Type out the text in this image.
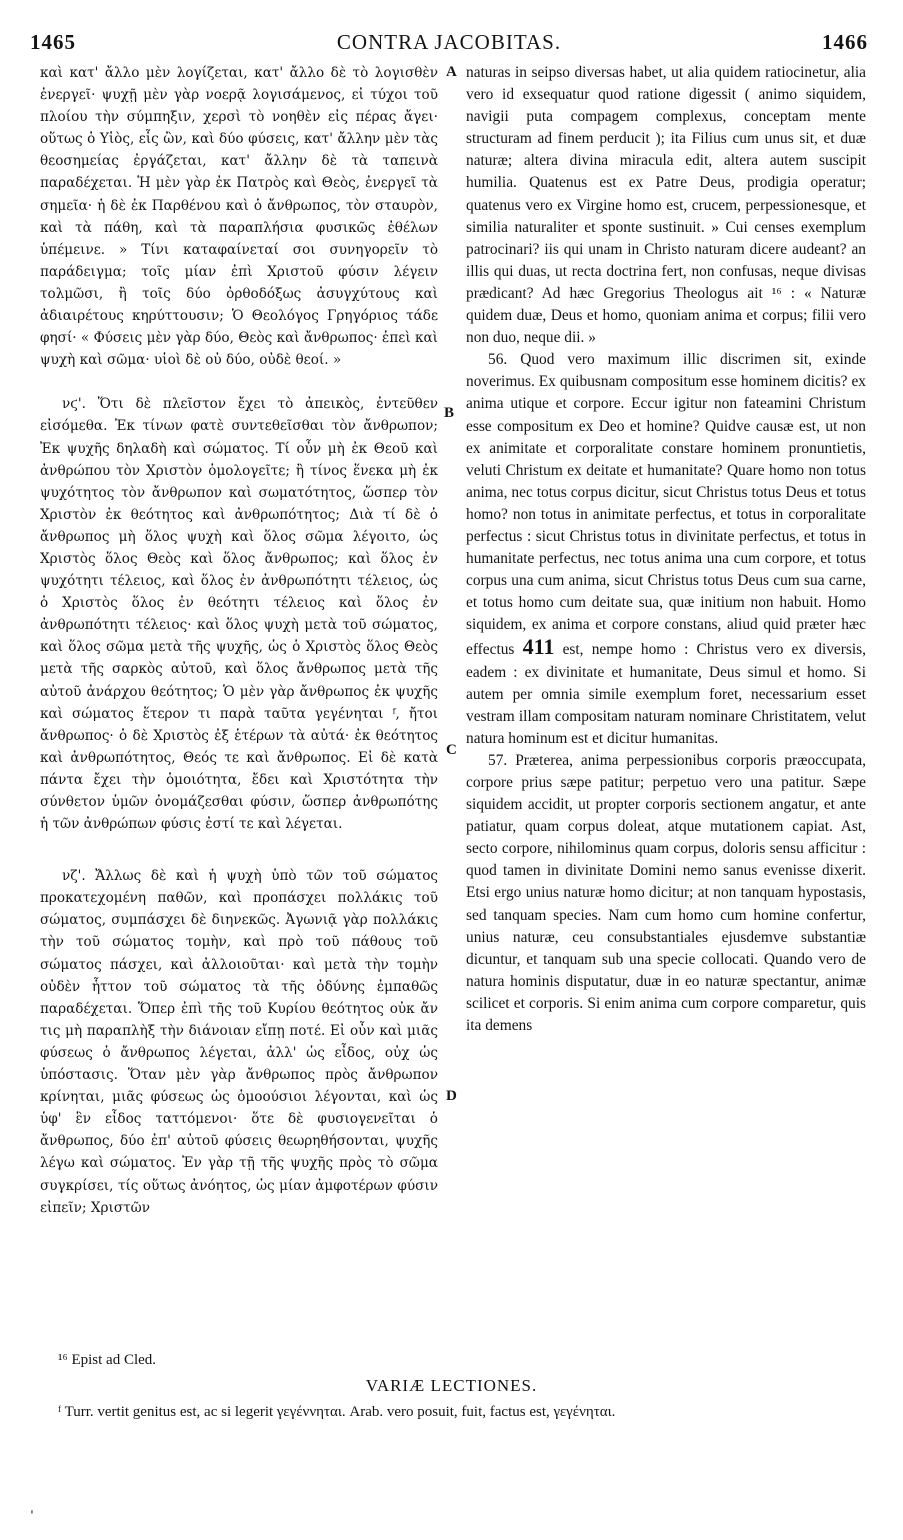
1465	CONTRA JACOBITAS.	1466

καὶ κατ' ἄλλο μὲν λογίζεται, κατ' ἄλλο δὲ τὸ λογισθὲν ἐνεργεῖ· ψυχῇ μὲν γὰρ νοερᾷ λογισάμενος, εἰ τύχοι τοῦ πλοίου τὴν σύμπηξιν, χερσὶ τὸ νοηθὲν εἰς πέρας ἄγει· οὕτως ὁ Υἱὸς, εἷς ὢν, καὶ δύο φύσεις, κατ' ἄλλην μὲν τὰς θεοσημείας ἐργάζεται, κατ' ἄλλην δὲ τὰ ταπεινὰ παραδέχεται. Ἡ μὲν γὰρ ἐκ Πατρὸς καὶ Θεὸς, ἐνεργεῖ τὰ σημεῖα· ἡ δὲ ἐκ Παρθένου καὶ ὁ ἄνθρωπος, τὸν σταυρὸν, καὶ τὰ πάθη, καὶ τὰ παραπλήσια φυσικῶς ἐθέλων ὑπέμεινε. » Τίνι καταφαίνεταί σοι συνηγορεῖν τὸ παράδειγμα; τοῖς μίαν ἐπὶ Χριστοῦ φύσιν λέγειν τολμῶσι, ἢ τοῖς δύο ὀρθοδόξως ἀσυγχύτους καὶ ἀδιαιρέτους κηρύττουσιν; Ὁ Θεολόγος Γρηγόριος τάδε φησί· « Φύσεις μὲν γὰρ δύο, Θεὸς καὶ ἄνθρωπος· ἐπεὶ καὶ ψυχὴ καὶ σῶμα· υἱοὶ δὲ οὐ δύο, οὐδὲ θεοί. »

νϛ'. Ὅτι δὲ πλεῖστον ἔχει τὸ ἀπεικὸς, ἐντεῦθεν εἰσόμεθα. Ἐκ τίνων φατὲ συντεθεῖσθαι τὸν ἄνθρωπον; Ἐκ ψυχῆς δηλαδὴ καὶ σώματος. Τί οὖν μὴ ἐκ Θεοῦ καὶ ἀνθρώπου τὸν Χριστὸν ὁμολογεῖτε; ἢ τίνος ἕνεκα μὴ ἐκ ψυχότητος τὸν ἄνθρωπον καὶ σωματότητος, ὥσπερ τὸν Χριστὸν ἐκ θεότητος καὶ ἀνθρωπότητος; Διὰ τί δὲ ὁ ἄνθρωπος μὴ ὅλος ψυχὴ καὶ ὅλος σῶμα λέγοιτο, ὡς Χριστὸς ὅλος Θεὸς καὶ ὅλος ἄνθρωπος; καὶ ὅλος ἐν ψυχότητι τέλειος, καὶ ὅλος ἐν ἀνθρωπότητι τέλειος, ὡς ὁ Χριστὸς ὅλος ἐν θεότητι τέλειος καὶ ὅλος ἐν ἀνθρωπότητι τέλειος· καὶ ὅλος ψυχὴ μετὰ τοῦ σώματος, καὶ ὅλος σῶμα μετὰ τῆς ψυχῆς, ὡς ὁ Χριστὸς ὅλος Θεὸς μετὰ τῆς σαρκὸς αὐτοῦ, καὶ ὅλος ἄνθρωπος μετὰ τῆς αὐτοῦ ἀνάρχου θεότητος; Ὁ μὲν γὰρ ἄνθρωπος ἐκ ψυχῆς καὶ σώματος ἕτερον τι παρὰ ταῦτα γεγένηται ᶠ, ἤτοι ἄνθρωπος· ὁ δὲ Χριστὸς ἐξ ἑτέρων τὰ αὐτά· ἐκ θεότητος καὶ ἀνθρωπότητος, Θεός τε καὶ ἄνθρωπος. Εἰ δὲ κατὰ πάντα ἔχει τὴν ὁμοιότητα, ἔδει καὶ Χριστότητα τὴν σύνθετον ὑμῶν ὀνομάζεσθαι φύσιν, ὥσπερ ἀνθρωπότης ἡ τῶν ἀνθρώπων φύσις ἐστί τε καὶ λέγεται.

νζ'. Ἄλλως δὲ καὶ ἡ ψυχὴ ὑπὸ τῶν τοῦ σώματος προκατεχομένη παθῶν, καὶ προπάσχει πολλάκις τοῦ σώματος, συμπάσχει δὲ διηνεκῶς. Ἀγωνιᾷ γὰρ πολλάκις τὴν τοῦ σώματος τομὴν, καὶ πρὸ τοῦ πάθους τοῦ σώματος πάσχει, καὶ ἀλλοιοῦται· καὶ μετὰ τὴν τομὴν οὐδὲν ἧττον τοῦ σώματος τὰ τῆς ὀδύνης ἐμπαθῶς παραδέχεται. Ὅπερ ἐπὶ τῆς τοῦ Κυρίου θεότητος οὐκ ἄν τις μὴ παραπλὴξ τὴν διάνοιαν εἴπῃ ποτέ. Εἰ οὖν καὶ μιᾶς φύσεως ὁ ἄνθρωπος λέγεται, ἀλλ' ὡς εἶδος, οὐχ ὡς ὑπόστασις. Ὅταν μὲν γὰρ ἄνθρωπος πρὸς ἄνθρωπον κρίνηται, μιᾶς φύσεως ὡς ὁμοούσιοι λέγονται, καὶ ὡς ὑφ' ἓν εἶδος ταττόμενοι· ὅτε δὲ φυσιογενεῖται ὁ ἄνθρωπος, δύο ἐπ' αὐτοῦ φύσεις θεωρηθήσονται, ψυχῆς λέγω καὶ σώματος. Ἐν γὰρ τῇ τῆς ψυχῆς πρὸς τὸ σῶμα συγκρίσει, τίς οὕτως ἀνόητος, ὡς μίαν ἀμφοτέρων φύσιν εἰπεῖν; Χριστῶν

A
B
C
D

naturas in seipso diversas habet, ut alia quidem ratiocinetur, alia vero id exsequatur quod ratione digessit ( animo siquidem, navigii puta compagem complexus, conceptam mente structuram ad finem perducit ); ita Filius cum unus sit, et duæ naturæ; altera divina miracula edit, altera autem suscipit humilia. Quatenus est ex Patre Deus, prodigia operatur; quatenus vero ex Virgine homo est, crucem, perpessionesque, et similia naturaliter et sponte sustinuit. » Cui censes exemplum patrocinari? iis qui unam in Christo naturam dicere audeant? an illis qui duas, ut recta doctrina fert, non confusas, neque divisas prædicant? Ad hæc Gregorius Theologus ait ¹⁶ : « Naturæ quidem duæ, Deus et homo, quoniam anima et corpus; filii vero non duo, neque dii. »

56. Quod vero maximum illic discrimen sit, exinde noverimus. Ex quibusnam compositum esse hominem dicitis? ex anima utique et corpore. Eccur igitur non fateamini Christum esse compositum ex Deo et homine? Quidve causæ est, ut non ex animitate et corporalitate constare hominem pronuntietis, veluti Christum ex deitate et humanitate? Quare homo non totus anima, nec totus corpus dicitur, sicut Christus totus Deus et totus homo? non totus in animitate perfectus, et totus in corporalitate perfectus : sicut Christus totus in divinitate perfectus, et totus in humanitate perfectus, nec totus anima una cum corpore, et totus corpus una cum anima, sicut Christus totus Deus cum sua carne, et totus homo cum deitate sua, quæ initium non habuit. Homo siquidem, ex anima et corpore constans, aliud quid præter hæc effectus 411 est, nempe homo : Christus vero ex diversis, eadem : ex divinitate et humanitate, Deus simul et homo. Si autem per omnia simile exemplum foret, necessarium esset vestram illam compositam naturam nominare Christitatem, velut natura hominum est et dicitur humanitas.

57. Præterea, anima perpessionibus corporis præoccupata, corpore prius sæpe patitur; perpetuo vero una patitur. Sæpe siquidem accidit, ut propter corporis sectionem angatur, et ante patiatur, quam corpus doleat, atque mutationem capiat. Ast, secto corpore, nihilominus quam corpus, doloris sensu afficitur : quod tamen in divinitate Domini nemo sanus evenisse dixerit. Etsi ergo unius naturæ homo dicitur; at non tanquam hypostasis, sed tanquam species. Nam cum homo cum homine confertur, unius naturæ, ceu consubstantiales ejusdemve substantiæ dicuntur, et tanquam sub una specie collocati. Quando vero de natura hominis disputatur, duæ in eo naturæ spectantur, animæ scilicet et corporis. Si enim anima cum corpore comparetur, quis ita demens

¹⁶ Epist ad Cled.
VARIÆ LECTIONES.
ᶠ Turr. vertit genitus est, ac si legerit γεγέννηται. Arab. vero posuit, fuit, factus est, γεγένηται.
ˌ
